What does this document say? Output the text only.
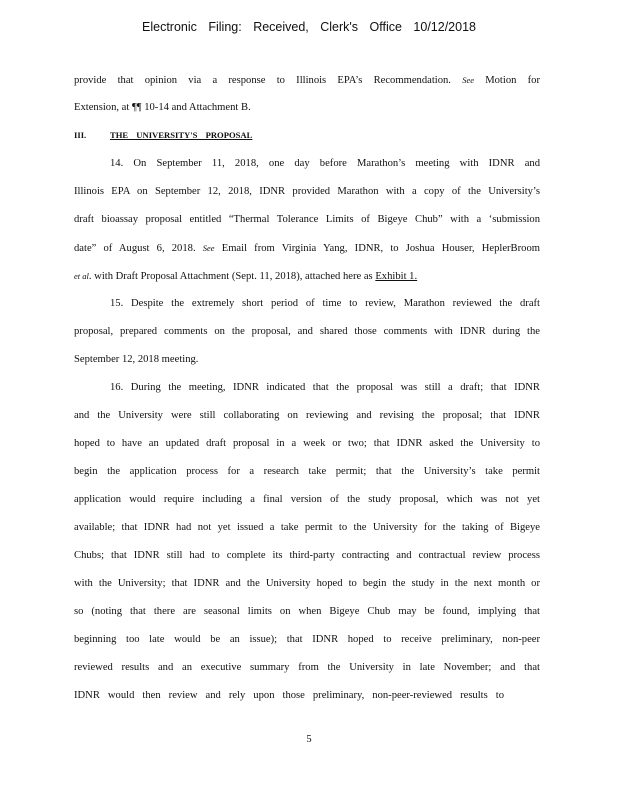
Electronic Filing: Received, Clerk's Office 10/12/2018
provide that opinion via a response to Illinois EPA’s Recommendation. See Motion for
Extension, at ¶¶ 10-14 and Attachment B.
III.	THE UNIVERSITY'S PROPOSAL
14. On September 11, 2018, one day before Marathon’s meeting with IDNR and
Illinois EPA on September 12, 2018, IDNR provided Marathon with a copy of the University’s
draft bioassay proposal entitled “Thermal Tolerance Limits of Bigeye Chub” with a ‘submission
date” of August 6, 2018. See Email from Virginia Yang, IDNR, to Joshua Houser, HeplerBroom
et al. with Draft Proposal Attachment (Sept. 11, 2018), attached here as Exhibit 1.
15. Despite the extremely short period of time to review, Marathon reviewed the draft
proposal, prepared comments on the proposal, and shared those comments with IDNR during the
September 12, 2018 meeting.
16. During the meeting, IDNR indicated that the proposal was still a draft; that IDNR
and the University were still collaborating on reviewing and revising the proposal; that IDNR
hoped to have an updated draft proposal in a week or two; that IDNR asked the University to
begin the application process for a research take permit; that the University’s take permit
application would require including a final version of the study proposal, which was not yet
available; that IDNR had not yet issued a take permit to the University for the taking of Bigeye
Chubs; that IDNR still had to complete its third-party contracting and contractual review process
with the University; that IDNR and the University hoped to begin the study in the next month or
so (noting that there are seasonal limits on when Bigeye Chub may be found, implying that
beginning too late would be an issue); that IDNR hoped to receive preliminary, non-peer
reviewed results and an executive summary from the University in late November; and that
IDNR would then review and rely upon those preliminary, non-peer-reviewed results to
5
